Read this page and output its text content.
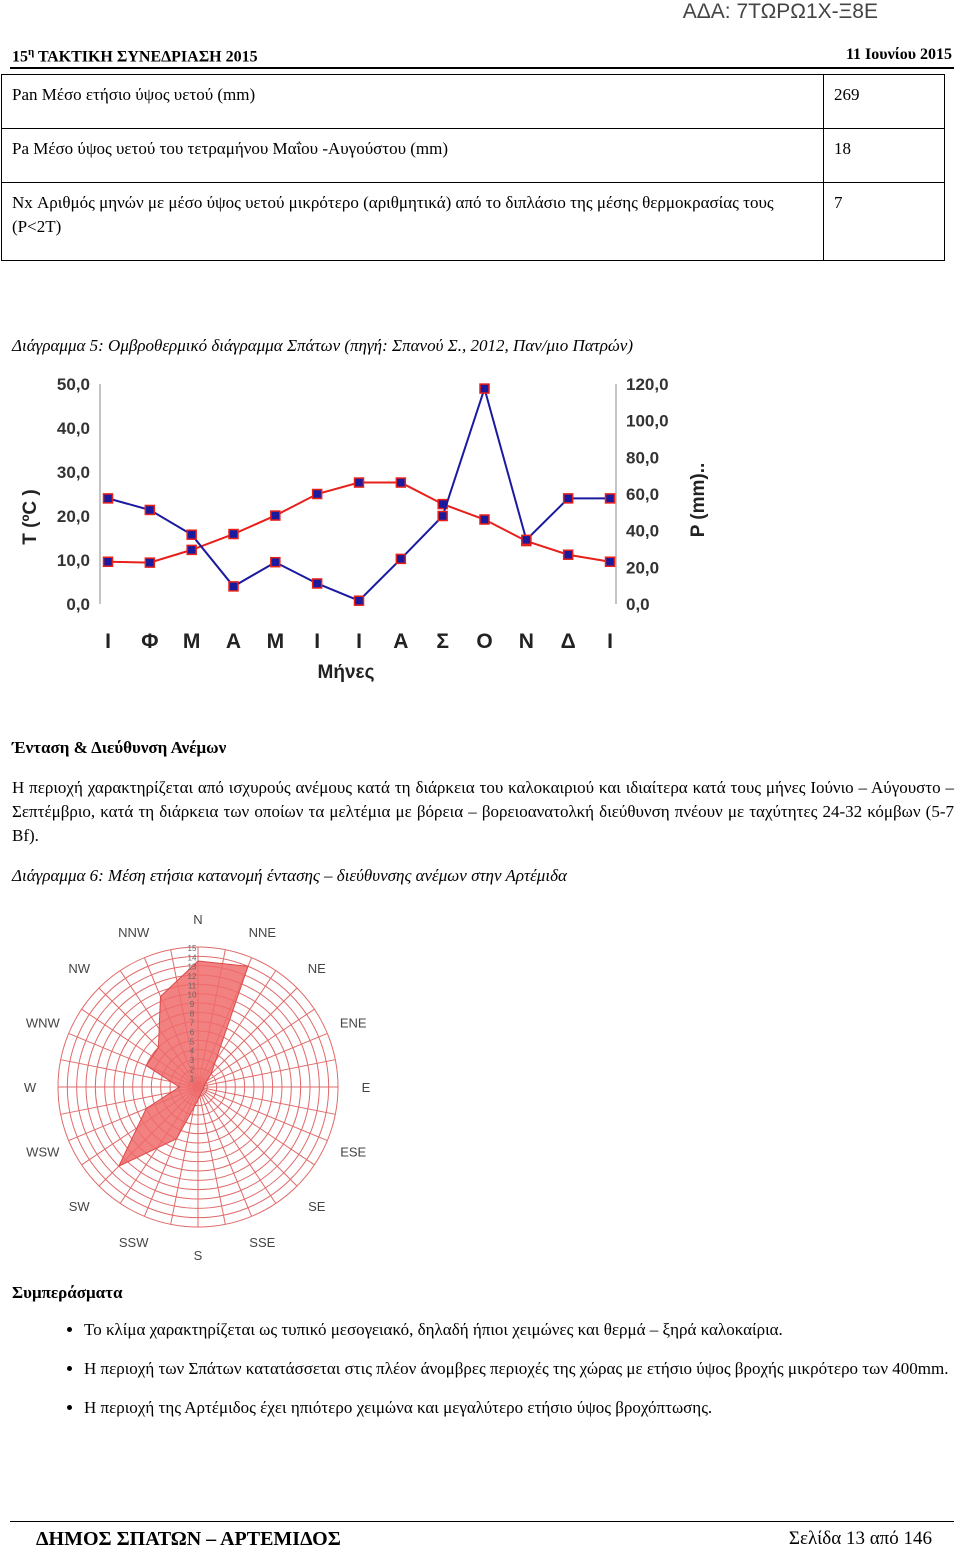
ΑΔΑ: 7ΤΩΡΩ1Χ-Ξ8Ε
$15^\eta$ ΤΑΚΤΙΚΗ ΣΥΝΕΔΡΙΑΣΗ 2015	11 Ιουνίου 2015
Pan Μέσο ετήσιο ύψος υετού (mm)	269
Pa Μέσο ύψος υετού του τετραμήνου Μαΐου -Αυγούστου (mm)	18
Nx Αριθμός μηνών με μέσο ύψος υετού μικρότερο (αριθμητικά) από το διπλάσιο της μέσης θερμοκρασίας τους (P<2T)	7
Διάγραμμα 5: Ομβροθερμικό διάγραμμα Σπάτων (πηγή: Σπανού Σ., 2012, Παν/μιο Πατρών)
0,0
10,0
20,0
30,0
40,0
50,0
0,0
20,0
40,0
60,0
80,0
100,0
120,0
Ι Φ Μ Α Μ Ι Ι Α Σ Ο Ν Δ Ι
Μήνες
T (ºC )	P (mm)..
Ένταση & Διεύθυνση Ανέμων
Η περιοχή χαρακτηρίζεται από ισχυρούς ανέμους κατά τη διάρκεια του καλοκαιριού και ιδιαίτερα κατά τους μήνες Ιούνιο – Αύγουστο – Σεπτέμβριο, κατά τη διάρκεια των οποίων τα μελτέμια με βόρεια – βορειοανατολκή διεύθυνση πνέουν με ταχύτητες 24-32 κόμβων (5-7 Bf).
Διάγραμμα 6: Μέση ετήσια κατανομή έντασης – διεύθυνσης ανέμων στην Αρτέμιδα
1
2
3
4
5
6
7
8
9
10
11
12
13
14
15
N
NNE
NE
ENE
E
ESE
SE
SSE
S
SSW
SW
WSW
W
WNW
NW
NNW
Συμπεράσματα
• Το κλίμα χαρακτηρίζεται ως τυπικό μεσογειακό, δηλαδή ήπιοι χειμώνες και θερμά – ξηρά καλοκαίρια.
• Η περιοχή των Σπάτων κατατάσσεται στις πλέον άνομβρες περιοχές της χώρας με ετήσιο ύψος βροχής μικρότερο των 400mm.
• Η περιοχή της Αρτέμιδος έχει ηπιότερο χειμώνα και μεγαλύτερο ετήσιο ύψος βροχόπτωσης.
ΔΗΜΟΣ ΣΠΑΤΩΝ – ΑΡΤΕΜΙΔΟΣ	Σελίδα 13 από 146
